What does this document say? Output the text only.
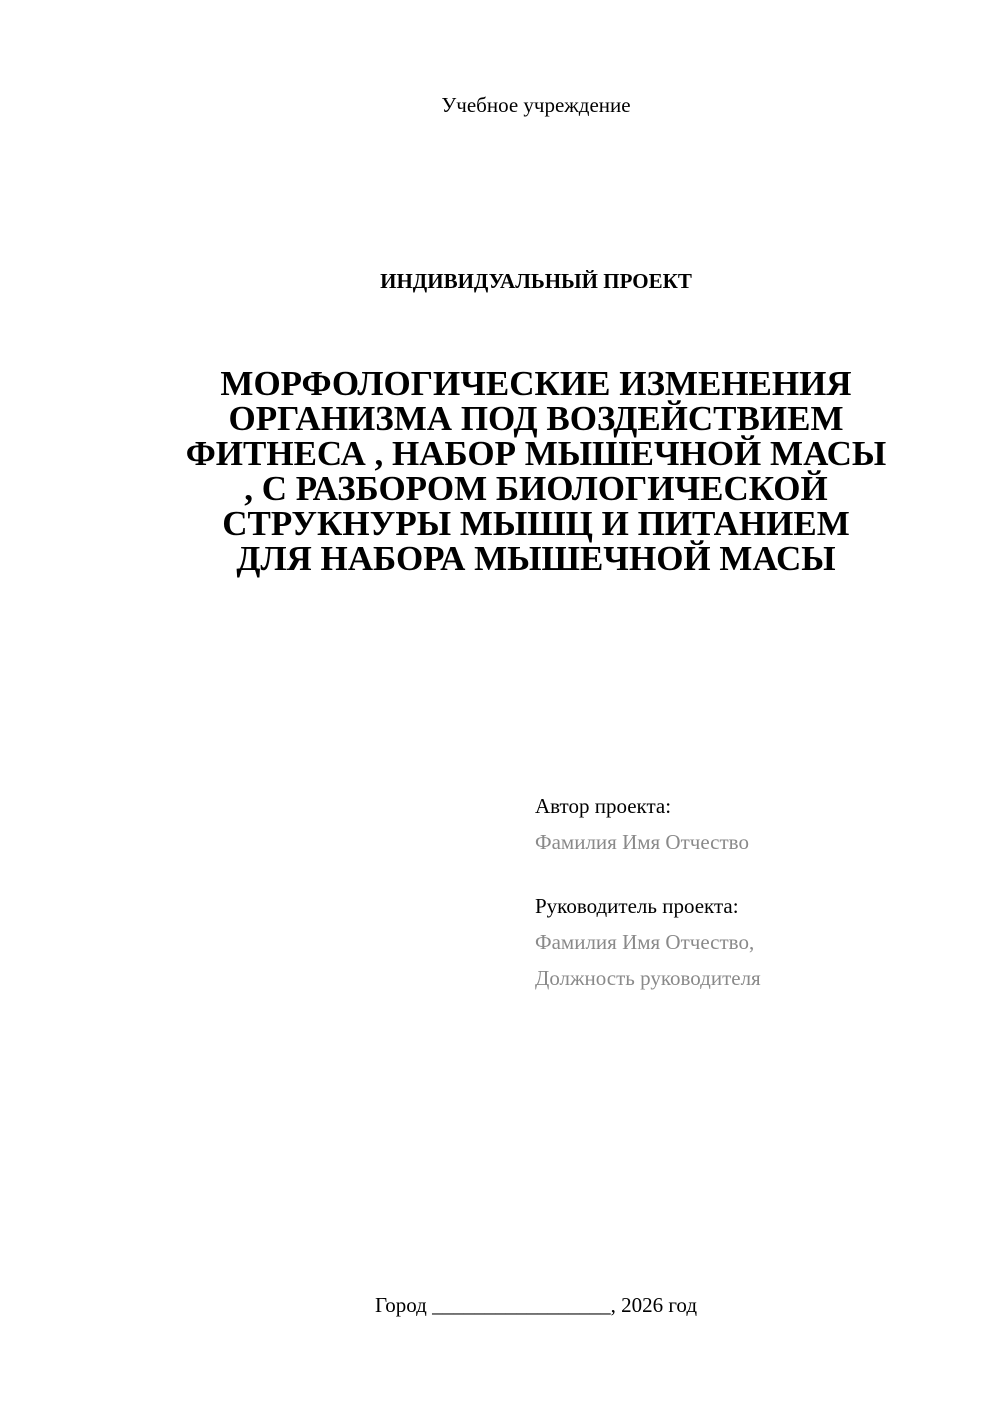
Учебное учреждение
ИНДИВИДУАЛЬНЫЙ ПРОЕКТ
МОРФОЛОГИЧЕСКИЕ ИЗМЕНЕНИЯ
ОРГАНИЗМА ПОД ВОЗДЕЙСТВИЕМ
ФИТНЕСА , НАБОР МЫШЕЧНОЙ МАСЫ
, С РАЗБОРОМ БИОЛОГИЧЕСКОЙ
СТРУКНУРЫ МЫШЦ И ПИТАНИЕМ
ДЛЯ НАБОРА МЫШЕЧНОЙ МАСЫ
Автор проекта:
Фамилия Имя Отчество
Руководитель проекта:
Фамилия Имя Отчество,
Должность руководителя
Город _________________, 2026 год
